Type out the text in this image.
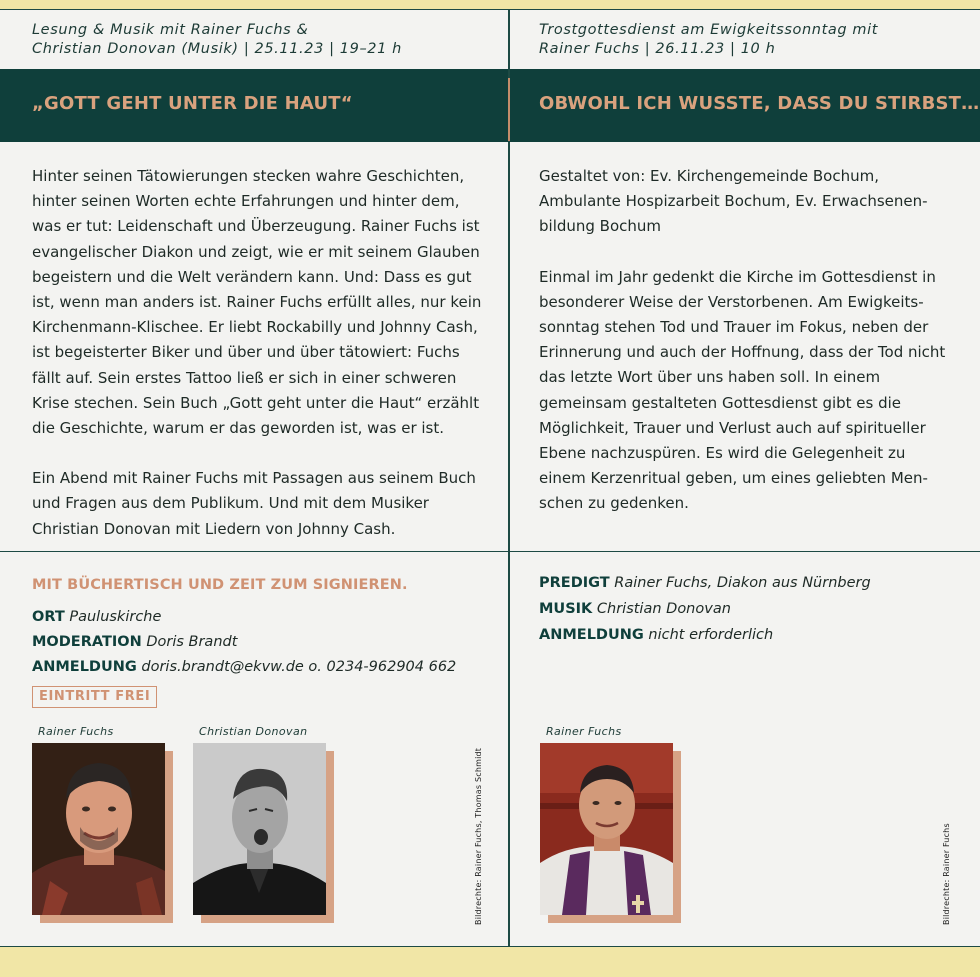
Lesung & Musik mit Rainer Fuchs &
Christian Donovan (Musik) | 25.11.23 | 19–21 h
„GOTT GEHT UNTER DIE HAUT“

Hinter seinen Tätowierungen stecken wahre Geschichten, hinter seinen Worten echte Erfahrungen und hinter dem, was er tut: Leidenschaft und Überzeugung. Rainer Fuchs ist evangelischer Diakon und zeigt, wie er mit seinem Glauben begeistern und die Welt verändern kann. Und: Dass es gut ist, wenn man anders ist. Rainer Fuchs erfüllt alles, nur kein Kirchenmann-Klischee. Er liebt Rockabilly und Johnny Cash, ist begeisterter Biker und über und über tätowiert: Fuchs fällt auf. Sein erstes Tattoo ließ er sich in einer schweren Krise stechen. Sein Buch „Gott geht unter die Haut“ erzählt die Geschichte, warum er das geworden ist, was er ist.

Ein Abend mit Rainer Fuchs mit Passagen aus seinem Buch und Fragen aus dem Publikum. Und mit dem Musiker Christian Donovan mit Liedern von Johnny Cash.

MIT BÜCHERTISCH UND ZEIT ZUM SIGNIEREN.
ORT Pauluskirche
MODERATION Doris Brandt
ANMELDUNG doris.brandt@ekvw.de o. 0234-962904 662
EINTRITT FREI
Rainer Fuchs	Christian Donovan
Bildrechte: Rainer Fuchs, Thomas Schmidt
Trostgottesdienst am Ewigkeitssonntag mit
Rainer Fuchs | 26.11.23 | 10 h
OBWOHL ICH WUSSTE, DASS DU STIRBST…

Gestaltet von: Ev. Kirchengemeinde Bochum, Ambulante Hospizarbeit Bochum, Ev. Erwachsenen-bildung Bochum

Einmal im Jahr gedenkt die Kirche im Gottesdienst in besonderer Weise der Verstorbenen. Am Ewigkeits-sonntag stehen Tod und Trauer im Fokus, neben der Erinnerung und auch der Hoffnung, dass der Tod nicht das letzte Wort über uns haben soll. In einem gemeinsam gestalteten Gottesdienst gibt es die Möglichkeit, Trauer und Verlust auch auf spiritueller Ebene nachzuspüren. Es wird die Gelegenheit zu einem Kerzenritual geben, um eines geliebten Men-schen zu gedenken.

PREDIGT Rainer Fuchs, Diakon aus Nürnberg
MUSIK Christian Donovan
ANMELDUNG nicht erforderlich
Rainer Fuchs
Bildrechte: Rainer Fuchs
